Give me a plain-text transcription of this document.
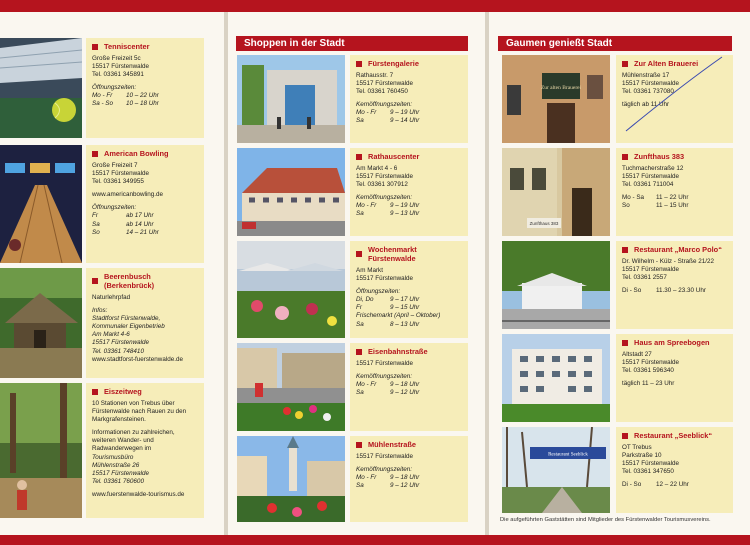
Shoppen in der Stadt	Gaumen genießt Stadt
Tenniscenter
Große Freizeit 5c
15517 Fürstenwalde
Tel. 03361 345891
Öffnungszeiten:
Mo - Fr	10 – 22 Uhr
Sa - So	10 – 18 Uhr
American Bowling
Große Freizeit 7
15517 Fürstenwalde
Tel. 03361 349955
www.americanbowling.de
Öffnungszeiten:
Fr	ab 17 Uhr
Sa	ab 14 Uhr
So	14 – 21 Uhr
Beerenbusch (Berkenbrück)
Naturlehrpfad
Infos:
Stadtforst Fürstenwalde,
Kommunaler Eigenbetrieb
Am Markt 4-6
15517 Fürstenwalde
Tel. 03361 748410
www.stadtforst-fuerstenwalde.de
Eiszeitweg
10 Stationen von Trebus über
Fürstenwalde nach Rauen zu den
Markgrafensteinen.
Informationen zu zahlreichen,
weiteren Wander- und
Radwanderwegen im
Tourismusbüro
Mühlenstraße 26
15517 Fürstenwalde
Tel. 03361 760600
www.fuerstenwalde-tourismus.de
Fürstengalerie
Rathausstr. 7
15517 Fürstenwalde
Tel. 03361 760450
Kernöffnungszeiten:
Mo - Fr	9 – 19 Uhr
Sa	9 – 14 Uhr
Rathauscenter
Am Markt 4 - 6
15517 Fürstenwalde
Tel. 03361 307912
Kernöffnungszeiten:
Mo - Fr	9 – 19 Uhr
Sa	9 – 13 Uhr
Wochenmarkt Fürstenwalde
Am Markt
15517 Fürstenwalde
Öffnungszeiten:
Di, Do	9 – 17 Uhr
Fr	9 – 15 Uhr
Frischemarkt (April – Oktober)
Sa	8 – 13 Uhr
Eisenbahnstraße
15517 Fürstenwalde
Kernöffnungszeiten:
Mo - Fr	9 – 18 Uhr
Sa	9 – 12 Uhr
Mühlenstraße
15517 Fürstenwalde
Kernöffnungszeiten:
Mo - Fr	9 – 18 Uhr
Sa	9 – 12 Uhr
Zur alten Brauerei
Zur Alten Brauerei
Mühlenstraße 17
15517 Fürstenwalde
Tel. 03361 737080
täglich ab 11 Uhr
Zunfthaus 383
Zunfthaus 383
Tuchmacherstraße 12
15517 Fürstenwalde
Tel. 03361 711004
Mo - Sa	11 – 22 Uhr
So	11 – 15 Uhr
Restaurant „Marco Polo“
Dr. Wilhelm - Külz - Straße 21/22
15517 Fürstenwalde
Tel. 03361 2557
Di - So	11.30 – 23.30 Uhr
Haus am Spreebogen
Altstadt 27
15517 Fürstenwalde
Tel. 03361 596340
täglich 11 – 23 Uhr
Restaurant Seeblick
Restaurant „Seeblick“
OT Trebus
Parkstraße 10
15517 Fürstenwalde
Tel. 03361 347650
Di - So	12 – 22 Uhr
Die aufgeführten Gaststätten sind Mitglieder des Fürstenwalder Tourismusvereins.
